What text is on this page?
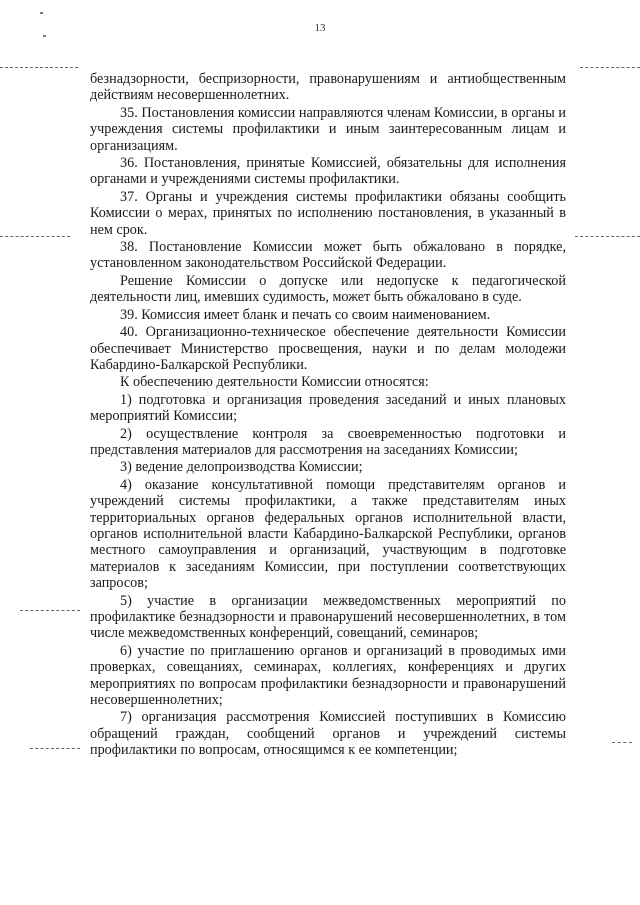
13

безнадзорности, беспризорности, правонарушениям и антиобщественным действиям несовершеннолетних.

35. Постановления комиссии направляются членам Комиссии, в органы и учреждения системы профилактики и иным заинтересованным лицам и организациям.

36. Постановления, принятые Комиссией, обязательны для исполнения органами и учреждениями системы профилактики.

37. Органы и учреждения системы профилактики обязаны сообщить Комиссии о мерах, принятых по исполнению постановления, в указанный в нем срок.

38. Постановление Комиссии может быть обжаловано в порядке, установленном законодательством Российской Федерации.

Решение Комиссии о допуске или недопуске к педагогической деятельности лиц, имевших судимость, может быть обжаловано в суде.

39. Комиссия имеет бланк и печать со своим наименованием.

40. Организационно-техническое обеспечение деятельности Комиссии обеспечивает Министерство просвещения, науки и по делам молодежи Кабардино-Балкарской Республики.

К обеспечению деятельности Комиссии относятся:

1) подготовка и организация проведения заседаний и иных плановых мероприятий Комиссии;

2) осуществление контроля за своевременностью подготовки и представления материалов для рассмотрения на заседаниях Комиссии;

3) ведение делопроизводства Комиссии;

4) оказание консультативной помощи представителям органов и учреждений системы профилактики, а также представителям иных территориальных органов федеральных органов исполнительной власти, органов исполнительной власти Кабардино-Балкарской Республики, органов местного самоуправления и организаций, участвующим в подготовке материалов к заседаниям Комиссии, при поступлении соответствующих запросов;

5) участие в организации межведомственных мероприятий по профилактике безнадзорности и правонарушений несовершеннолетних, в том числе межведомственных конференций, совещаний, семинаров;

6) участие по приглашению органов и организаций в проводимых ими проверках, совещаниях, семинарах, коллегиях, конференциях и других мероприятиях по вопросам профилактики безнадзорности и правонарушений несовершеннолетних;

7) организация рассмотрения Комиссией поступивших в Комиссию обращений граждан, сообщений органов и учреждений системы профилактики по вопросам, относящимся к ее компетенции;
